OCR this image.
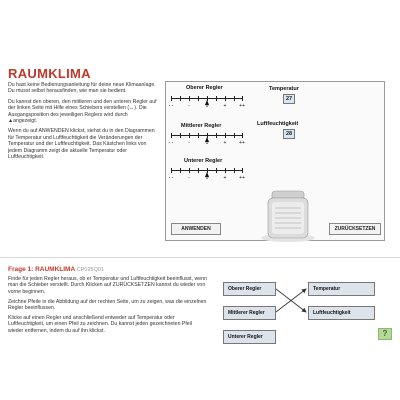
RAUMKLIMA

Du hast keine Bedienungsanleitung für deine neue Klimaanlage. Du musst selbst herausfinden, wie man sie bedient.

Du kannst den oberen, den mittleren und den unteren Regler auf der linken Seite mit Hilfe eines Schiebers verstellen (↔). Die Ausgangsposition des jeweiligen Reglers wird durch ▲angezeigt.

Wenn du auf ANWENDEN klickst, siehst du in den Diagrammen für Temperatur und Luftfeuchtigkeit die Veränderungen der Temperatur und der Luftfeuchtigkeit. Das Kästchen links von jedem Diagramm zeigt die aktuelle Temperatur oder Luftfeuchtigkeit.

Oberer Regler
- -	-	0	+	++
Mittlerer Regler
- -	-	0	+	++
Unterer Regler
- -	-	0	+	++
Temperatur
27
Luftfeuchtigkeit
28
ANWENDEN	ZURÜCKSETZEN
Frage 1: RAUMKLIMA CP025Q01

Finde für jeden Regler heraus, ob er Temperatur und Luftfeuchtigkeit beeinflusst, wenn man die Schieber verstellt. Durch Klicken auf ZURÜCKSETZEN kannst du wieder von vorne beginnen.

Zeichne Pfeile in die Abbildung auf der rechten Seite, um zu zeigen, was die einzelnen Regler beeinflussen.

Klicke auf einen Regler und anschließend entweder auf Temperatur oder Luftfeuchtigkeit, um einen Pfeil zu zeichnen. Du kannst jeden gezeichneten Pfeil wieder entfernen, indem du auf ihn klickst.

Oberer Regler
Mittlerer Regler
Unterer Regler
Temperatur
Luftfeuchtigkeit
?
